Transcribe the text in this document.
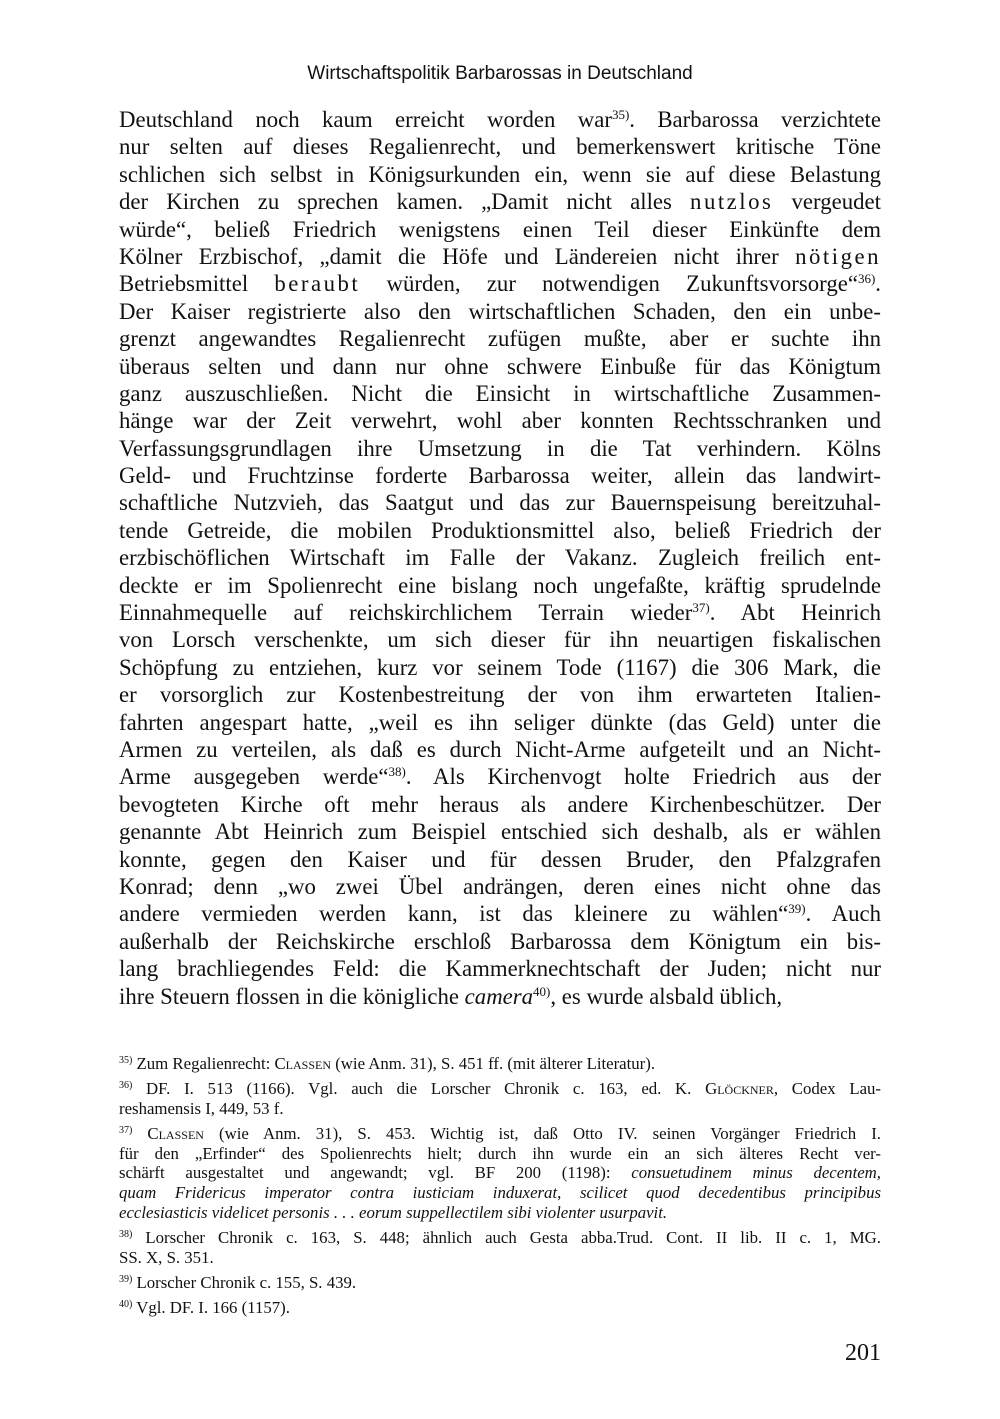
Wirtschaftspolitik Barbarossas in Deutschland
Deutschland noch kaum erreicht worden war$^{35)}$. Barbarossa verzichtete
nur selten auf dieses Regalienrecht, und bemerkenswert kritische Töne
schlichen sich selbst in Königsurkunden ein, wenn sie auf diese Belastung
der Kirchen zu sprechen kamen. „Damit nicht alles nutzlos vergeudet
würde“, beließ Friedrich wenigstens einen Teil dieser Einkünfte dem
Kölner Erzbischof, „damit die Höfe und Ländereien nicht ihrer nötigen
Betriebsmittel beraubt würden, zur notwendigen Zukunftsvorsorge“$^{36)}$.
Der Kaiser registrierte also den wirtschaftlichen Schaden, den ein unbe-
grenzt angewandtes Regalienrecht zufügen mußte, aber er suchte ihn
überaus selten und dann nur ohne schwere Einbuße für das Königtum
ganz auszuschließen. Nicht die Einsicht in wirtschaftliche Zusammen-
hänge war der Zeit verwehrt, wohl aber konnten Rechtsschranken und
Verfassungsgrundlagen ihre Umsetzung in die Tat verhindern. Kölns
Geld- und Fruchtzinse forderte Barbarossa weiter, allein das landwirt-
schaftliche Nutzvieh, das Saatgut und das zur Bauernspeisung bereitzuhal-
tende Getreide, die mobilen Produktionsmittel also, beließ Friedrich der
erzbischöflichen Wirtschaft im Falle der Vakanz. Zugleich freilich ent-
deckte er im Spolienrecht eine bislang noch ungefaßte, kräftig sprudelnde
Einnahmequelle auf reichskirchlichem Terrain wieder$^{37)}$. Abt Heinrich
von Lorsch verschenkte, um sich dieser für ihn neuartigen fiskalischen
Schöpfung zu entziehen, kurz vor seinem Tode (1167) die 306 Mark, die
er vorsorglich zur Kostenbestreitung der von ihm erwarteten Italien-
fahrten angespart hatte, „weil es ihn seliger dünkte (das Geld) unter die
Armen zu verteilen, als daß es durch Nicht-Arme aufgeteilt und an Nicht-
Arme ausgegeben werde“$^{38)}$. Als Kirchenvogt holte Friedrich aus der
bevogteten Kirche oft mehr heraus als andere Kirchenbeschützer. Der
genannte Abt Heinrich zum Beispiel entschied sich deshalb, als er wählen
konnte, gegen den Kaiser und für dessen Bruder, den Pfalzgrafen
Konrad; denn „wo zwei Übel andrängen, deren eines nicht ohne das
andere vermieden werden kann, ist das kleinere zu wählen“$^{39)}$. Auch
außerhalb der Reichskirche erschloß Barbarossa dem Königtum ein bis-
lang brachliegendes Feld: die Kammerknechtschaft der Juden; nicht nur
ihre Steuern flossen in die königliche camera$^{40)}$, es wurde alsbald üblich,
$^{35)}$ Zum Regalienrecht: Classen (wie Anm. 31), S. 451 ff. (mit älterer Literatur).
$^{36)}$ DF. I. 513 (1166). Vgl. auch die Lorscher Chronik c. 163, ed. K. Glöckner, Codex Lau-
reshamensis I, 449, 53 f.
$^{37)}$ Classen (wie Anm. 31), S. 453. Wichtig ist, daß Otto IV. seinen Vorgänger Friedrich I.
für den „Erfinder“ des Spolienrechts hielt; durch ihn wurde ein an sich älteres Recht ver-
schärft ausgestaltet und angewandt; vgl. BF 200 (1198): consuetudinem minus decentem,
quam Fridericus imperator contra iusticiam induxerat, scilicet quod decedentibus principibus
ecclesiasticis videlicet personis . . . eorum suppellectilem sibi violenter usurpavit.
$^{38)}$ Lorscher Chronik c. 163, S. 448; ähnlich auch Gesta abba.Trud. Cont. II lib. II c. 1, MG.
SS. X, S. 351.
$^{39)}$ Lorscher Chronik c. 155, S. 439.
$^{40)}$ Vgl. DF. I. 166 (1157).
201
